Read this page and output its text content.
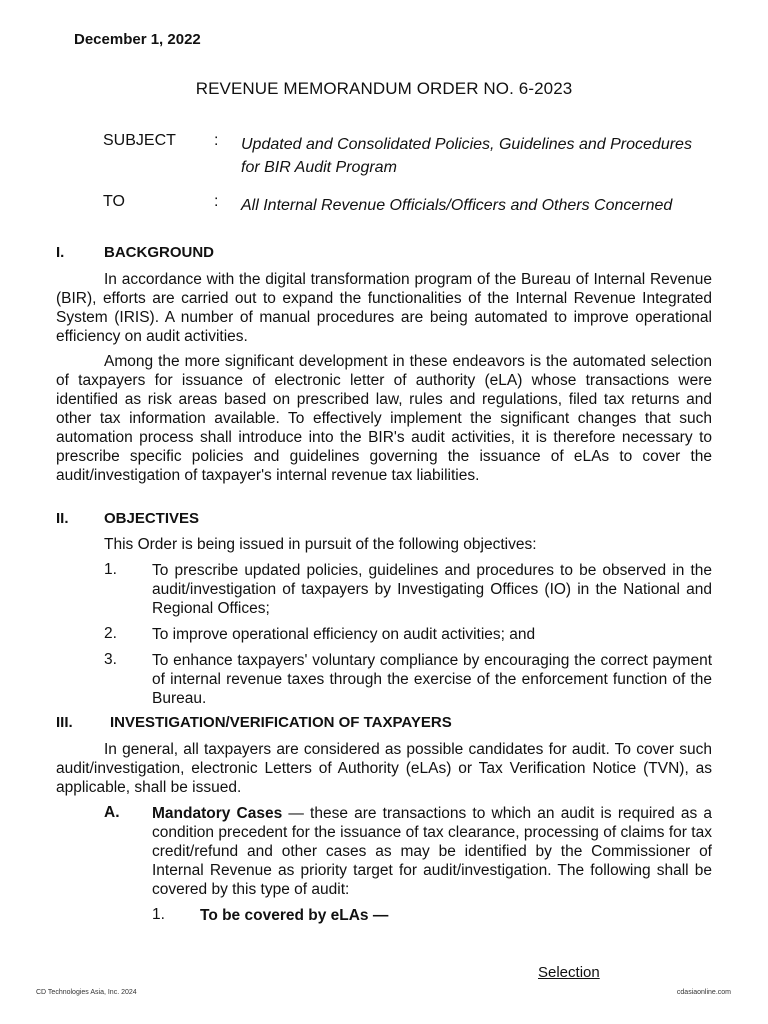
December 1, 2022
REVENUE MEMORANDUM ORDER NO. 6-2023
SUBJECT : Updated and Consolidated Policies, Guidelines and Procedures
for BIR Audit Program
TO	: All Internal Revenue Officials/Officers and Others Concerned
I.	BACKGROUND
In accordance with the digital transformation program of the Bureau of Internal Revenue (BIR), efforts are carried out to expand the functionalities of the Internal Revenue Integrated System (IRIS). A number of manual procedures are being automated to improve operational efficiency on audit activities.
Among the more significant development in these endeavors is the automated selection of taxpayers for issuance of electronic letter of authority (eLA) whose transactions were identified as risk areas based on prescribed law, rules and regulations, filed tax returns and other tax information available. To effectively implement the significant changes that such automation process shall introduce into the BIR's audit activities, it is therefore necessary to prescribe specific policies and guidelines governing the issuance of eLAs to cover the audit/investigation of taxpayer's internal revenue tax liabilities.
II. OBJECTIVES
This Order is being issued in pursuit of the following objectives:
1. To prescribe updated policies, guidelines and procedures to be observed in the audit/investigation of taxpayers by Investigating Offices (IO) in the National and Regional Offices;
2. To improve operational efficiency on audit activities; and
3. To enhance taxpayers' voluntary compliance by encouraging the correct payment of internal revenue taxes through the exercise of the enforcement function of the Bureau.
III. INVESTIGATION/VERIFICATION OF TAXPAYERS
In general, all taxpayers are considered as possible candidates for audit. To cover such audit/investigation, electronic Letters of Authority (eLAs) or Tax Verification Notice (TVN), as applicable, shall be issued.
A. Mandatory Cases — these are transactions to which an audit is required as a condition precedent for the issuance of tax clearance, processing of claims for tax credit/refund and other cases as may be identified by the Commissioner of Internal Revenue as priority target for audit/investigation. The following shall be covered by this type of audit:
1. To be covered by eLAs —
Selection
CD Technologies Asia, Inc. 2024	cdasiaonline.com
